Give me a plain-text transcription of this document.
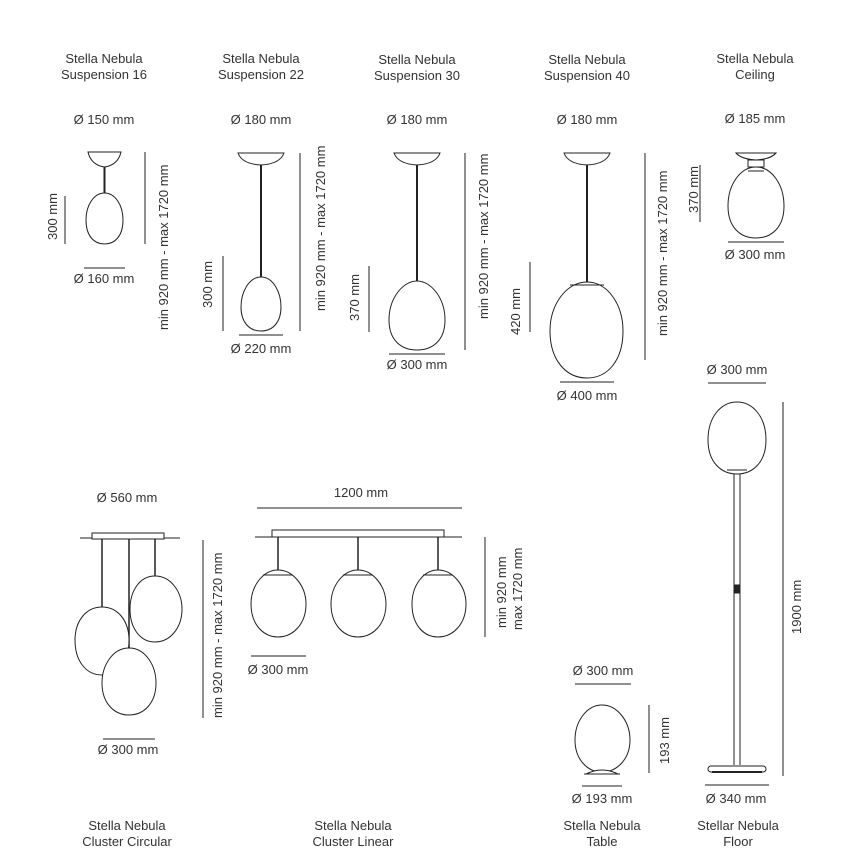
Stella Nebula
Suspension 16
Ø 150 mm
Ø 160 mm
300 mm	min 920 mm - max 1720 mm
Stella Nebula
Suspension 22
Ø 180 mm
Ø 220 mm
300 mm	min 920 mm - max 1720 mm
Stella Nebula
Suspension 30
Ø 180 mm
Ø 300 mm
370 mm	min 920 mm - max 1720 mm
Stella Nebula
Suspension 40
Ø 180 mm
Ø 400 mm
420 mm	min 920 mm - max 1720 mm
Stella Nebula
Ceiling
Ø 185 mm
Ø 300 mm
370 mm
Ø 560 mm
Ø 300 mm
min 920 mm - max 1720 mm
Stella Nebula
Cluster Circular
1200 mm
Ø 300 mm
min 920 mm max 1720 mm
Stella Nebula
Cluster Linear
Ø 300 mm
Ø 193 mm
193 mm
Stella Nebula
Table
Ø 300 mm
Ø 340 mm
1900 mm
Stellar Nebula
Floor
